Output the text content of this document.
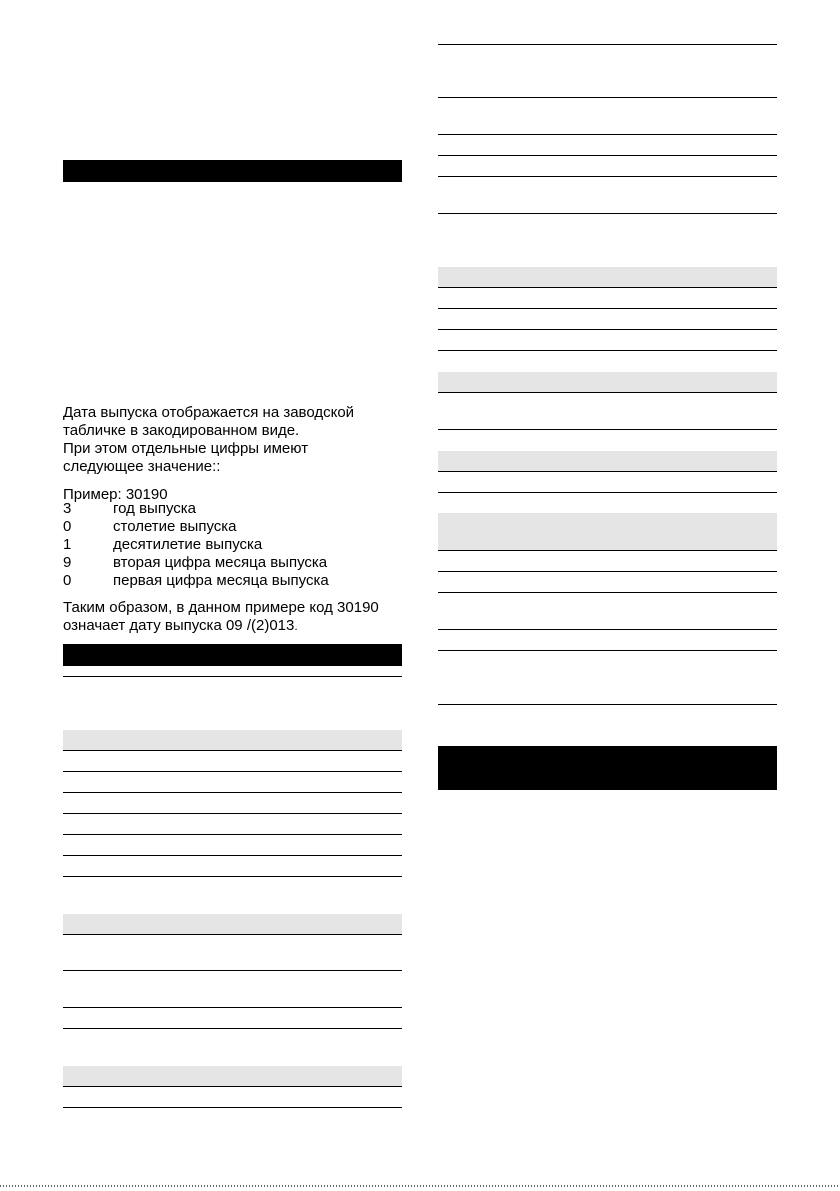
Дата выпуска отображается на заводской
табличке в закодированном виде.
При этом отдельные цифры имеют
следующее значение::
Пример: 30190
3	год выпуска
0	столетие выпуска
1	десятилетие выпуска
9	вторая цифра месяца выпуска
0	первая цифра месяца выпуска
Таким образом, в данном примере код 30190
означает дату выпуска 09 /(2)013.
